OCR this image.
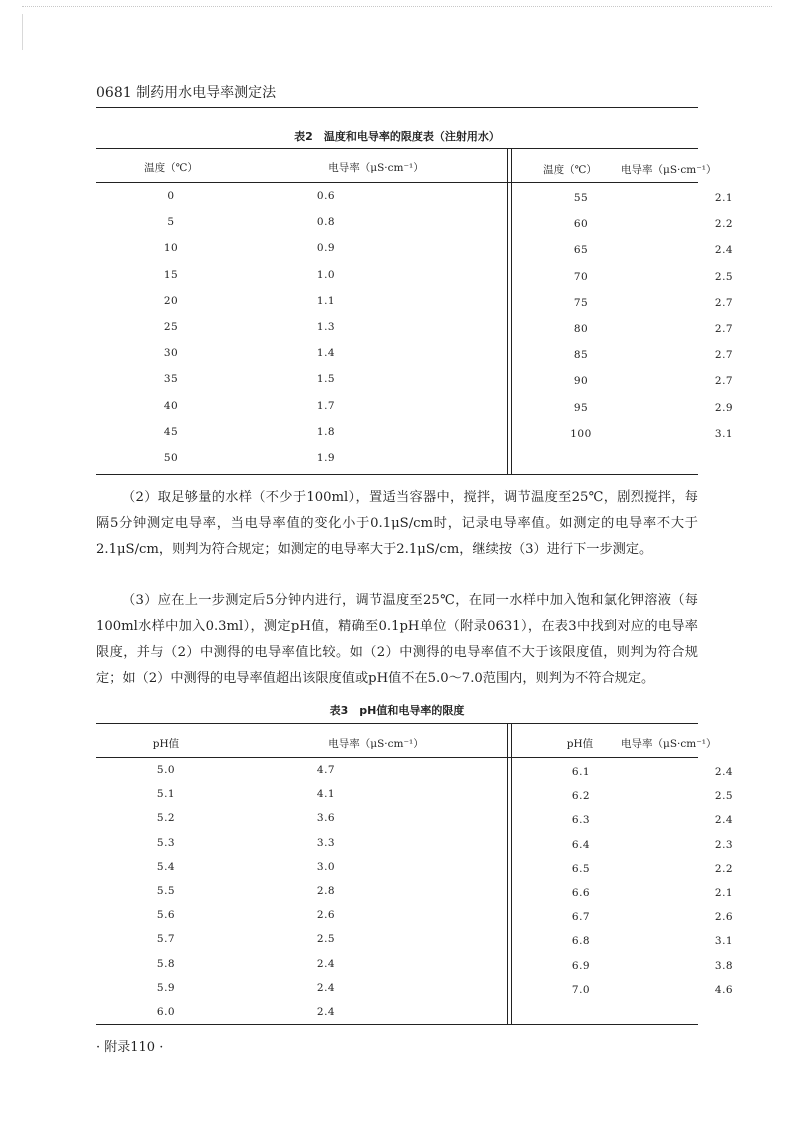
0681 制药用水电导率测定法
表2　温度和电导率的限度表（注射用水）
温度（℃）	电导率（μS·cm⁻¹）	温度（℃）	电导率（μS·cm⁻¹）
0	0.6
5	0.8
10	0.9
15	1.0
20	1.1
25	1.3
30	1.4
35	1.5
40	1.7
45	1.8
50	1.9
55	2.1
60	2.2
65	2.4
70	2.5
75	2.7
80	2.7
85	2.7
90	2.7
95	2.9
100	3.1
（2）取足够量的水样（不少于100ml），置适当容器中，搅拌，调节温度至25℃，剧烈搅拌，每隔5分钟测定电导率，当电导率值的变化小于0.1μS/cm时，记录电导率值。如测定的电导率不大于2.1μS/cm，则判为符合规定；如测定的电导率大于2.1μS/cm，继续按（3）进行下一步测定。
（3）应在上一步测定后5分钟内进行，调节温度至25℃，在同一水样中加入饱和氯化钾溶液（每100ml水样中加入0.3ml），测定pH值，精确至0.1pH单位（附录0631），在表3中找到对应的电导率限度，并与（2）中测得的电导率值比较。如（2）中测得的电导率值不大于该限度值，则判为符合规定；如（2）中测得的电导率值超出该限度值或pH值不在5.0～7.0范围内，则判为不符合规定。
表3　pH值和电导率的限度
pH值	电导率（μS·cm⁻¹）	pH值	电导率（μS·cm⁻¹）
5.0	4.7
5.1	4.1
5.2	3.6
5.3	3.3
5.4	3.0
5.5	2.8
5.6	2.6
5.7	2.5
5.8	2.4
5.9	2.4
6.0	2.4
6.1	2.4
6.2	2.5
6.3	2.4
6.4	2.3
6.5	2.2
6.6	2.1
6.7	2.6
6.8	3.1
6.9	3.8
7.0	4.6
· 附录110 ·
